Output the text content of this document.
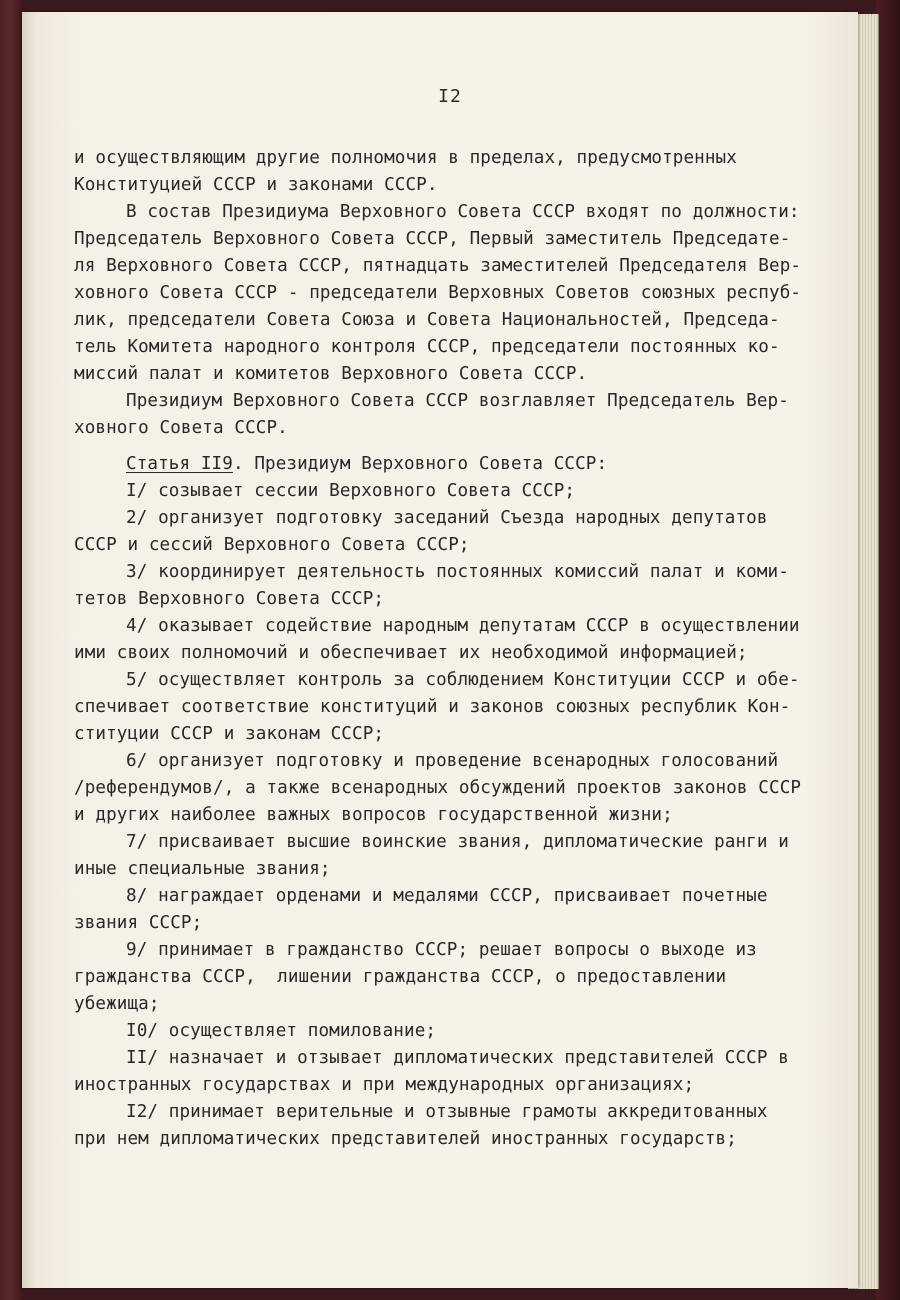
I2
и осуществляющим другие полномочия в пределах, предусмотренных
Конституцией СССР и законами СССР.
В состав Президиума Верховного Совета СССР входят по должности:
Председатель Верховного Совета СССР, Первый заместитель Председате-
ля Верховного Совета СССР, пятнадцать заместителей Председателя Вер-
ховного Совета СССР - председатели Верховных Советов союзных респуб-
лик, председатели Совета Союза и Совета Национальностей, Председа-
тель Комитета народного контроля СССР, председатели постоянных ко-
миссий палат и комитетов Верховного Совета СССР.
Президиум Верховного Совета СССР возглавляет Председатель Вер-
ховного Совета СССР.
Статья II9. Президиум Верховного Совета СССР:
I/ созывает сессии Верховного Совета СССР;
2/ организует подготовку заседаний Съезда народных депутатов
СССР и сессий Верховного Совета СССР;
3/ координирует деятельность постоянных комиссий палат и коми-
тетов Верховного Совета СССР;
4/ оказывает содействие народным депутатам СССР в осуществлении
ими своих полномочий и обеспечивает их необходимой информацией;
5/ осуществляет контроль за соблюдением Конституции СССР и обе-
спечивает соответствие конституций и законов союзных республик Кон-
ституции СССР и законам СССР;
6/ организует подготовку и проведение всенародных голосований
/референдумов/, а также всенародных обсуждений проектов законов СССР
и других наиболее важных вопросов государственной жизни;
7/ присваивает высшие воинские звания, дипломатические ранги и
иные специальные звания;
8/ награждает орденами и медалями СССР, присваивает почетные
звания СССР;
9/ принимает в гражданство СССР; решает вопросы о выходе из
гражданства СССР,  лишении гражданства СССР, о предоставлении
убежища;
I0/ осуществляет помилование;
II/ назначает и отзывает дипломатических представителей СССР в
иностранных государствах и при международных организациях;
I2/ принимает верительные и отзывные грамоты аккредитованных
при нем дипломатических представителей иностранных государств;
